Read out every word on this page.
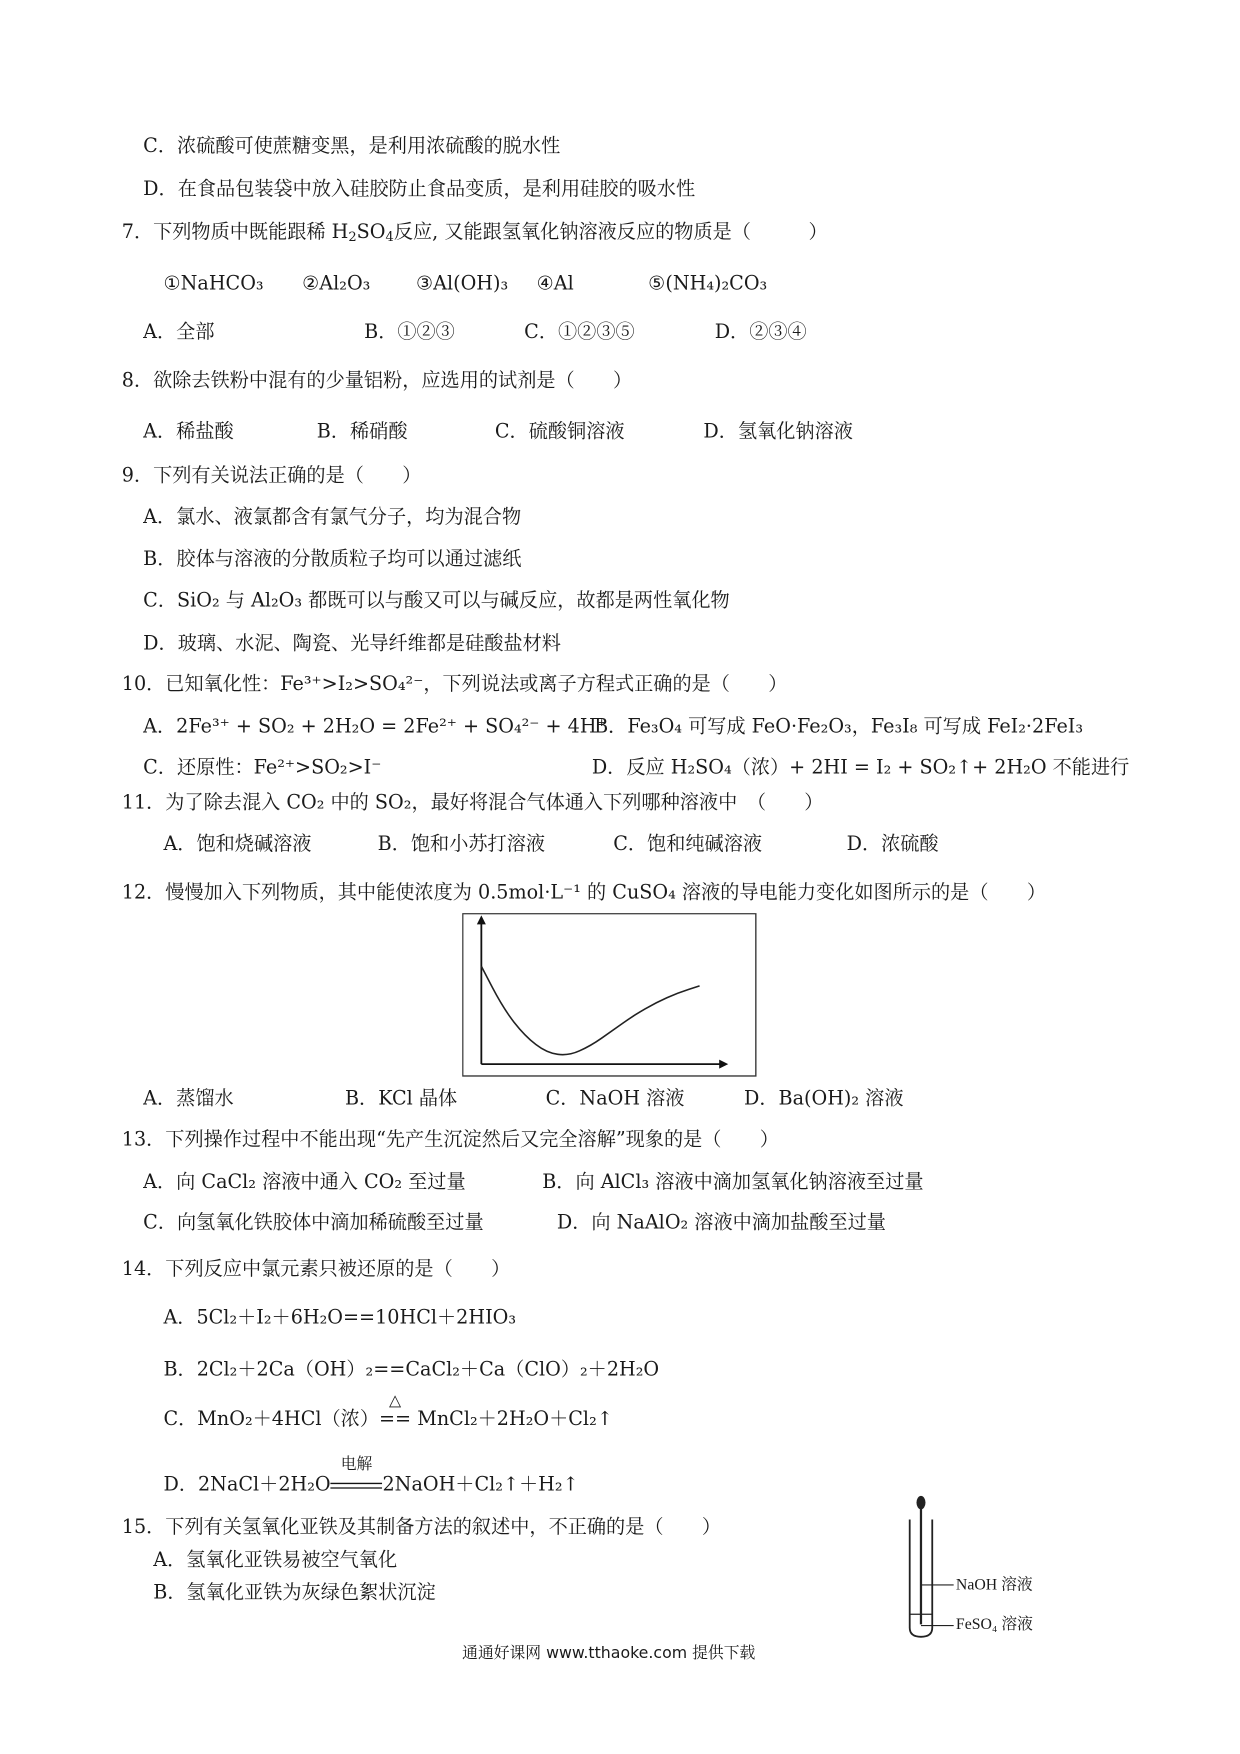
C．浓硫酸可使蔗糖变黑，是利用浓硫酸的脱水性
D．在食品包装袋中放入硅胶防止食品变质，是利用硅胶的吸水性
7．下列物质中既能跟稀 $H_2SO_4$反应, 又能跟氢氧化钠溶液反应的物质是（　　　）
①NaHCO₃ ②Al₂O₃	③Al(OH)₃ ④Al	⑤(NH₄)₂CO₃
A．全部	B．①②③	C．①②③⑤	D．②③④
8．欲除去铁粉中混有的少量铝粉，应选用的试剂是（　　）
A．稀盐酸	B．稀硝酸	C．硫酸铜溶液	D．氢氧化钠溶液
9．下列有关说法正确的是（　　）
A．氯水、液氯都含有氯气分子，均为混合物
B．胶体与溶液的分散质粒子均可以通过滤纸
C．SiO₂ 与 Al₂O₃ 都既可以与酸又可以与碱反应，故都是两性氧化物
D．玻璃、水泥、陶瓷、光导纤维都是硅酸盐材料
10．已知氧化性：Fe³⁺>I₂>SO₄²⁻，下列说法或离子方程式正确的是（　　）
A．2Fe³⁺ + SO₂ + 2H₂O = 2Fe²⁺ + SO₄²⁻ + 4H⁺
B．Fe₃O₄ 可写成 FeO·Fe₂O₃，Fe₃I₈ 可写成 FeI₂·2FeI₃
C．还原性：Fe²⁺>SO₂>I⁻	D．反应 H₂SO₄（浓）+ 2HI = I₂ + SO₂↑+ 2H₂O 不能进行
11．为了除去混入 CO₂ 中的 SO₂，最好将混合气体通入下列哪种溶液中　（　　）
A．饱和烧碱溶液	B．饱和小苏打溶液	C．饱和纯碱溶液	D．浓硫酸
12．慢慢加入下列物质，其中能使浓度为 0.5mol·L⁻¹ 的 CuSO₄ 溶液的导电能力变化如图所示的是（　　）
A．蒸馏水	B．KCl 晶体	C．NaOH 溶液	D．Ba(OH)₂ 溶液
13．下列操作过程中不能出现“先产生沉淀然后又完全溶解”现象的是（　　）
A．向 CaCl₂ 溶液中通入 CO₂ 至过量	B．向 AlCl₃ 溶液中滴加氢氧化钠溶液至过量
C．向氢氧化铁胶体中滴加稀硫酸至过量	D．向 NaAlO₂ 溶液中滴加盐酸至过量
14．下列反应中氯元素只被还原的是（　　）
A．5Cl₂＋I₂＋6H₂O==10HCl＋2HIO₃
B．2Cl₂＋2Ca（OH）₂==CaCl₂＋Ca（ClO）₂＋2H₂O
C．MnO₂＋4HCl（浓）
△
== MnCl₂＋2H₂O＋Cl₂↑
D．2NaCl＋2H₂O
电解
2NaOH＋Cl₂↑＋H₂↑
15．下列有关氢氧化亚铁及其制备方法的叙述中，不正确的是（　　）
A．氢氧化亚铁易被空气氧化
B．氢氧化亚铁为灰绿色絮状沉淀	NaOH 溶液
FeSO₄ 溶液
通通好课网 www.tthaoke.com 提供下载
